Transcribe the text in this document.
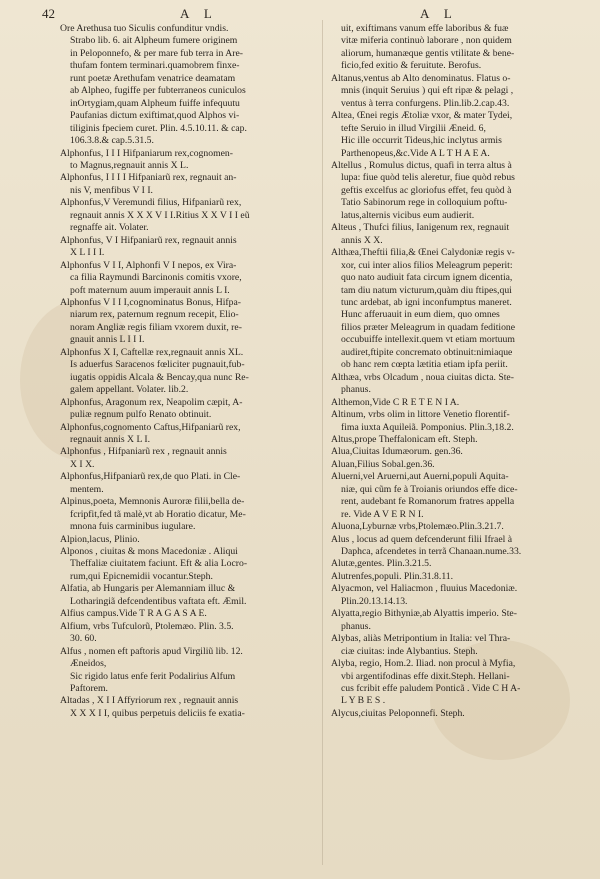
42	A L	A L
Ore Arethusa tuo Siculis confunditur vndis.
Strabo lib. 6. ait Alpheum fumere originem
in Peloponnefo, & per mare fub terra in Are-
thufam fontem terminari.quamobrem finxe-
runt poetæ Arethufam venatrice deamatam
ab Alpheo, fugiffe per fubterraneos cuniculos
inOrtygiam,quam Alpheum fuiffe infequutu
Paufanias dictum exiftimat,quod Alphos vi-
tiliginis fpeciem curet. Plin. 4.5.10.11. & cap.
106.3.8.& cap.5.31.5.
Alphonfus, I I I Hifpaniarum rex,cognomen-
to Magnus,regnauit annis X L.
Alphonfus, I I I I Hifpaniarũ rex, regnauit an-
nis V, menfibus V I I.
Alphonfus,V Veremundi filius, Hifpaniarũ rex,
regnauit annis X X X V I I.Ritius X X V I I eũ
regnaffe ait. Volater.
Alphonfus, V I Hifpaniarũ rex, regnauit annis
X L I I I.
Alphonfus V I I, Alphonfi V I nepos, ex Vira-
ca filia Raymundi Barcinonis comitis vxore,
poft maternum auum imperauit annis L I.
Alphonfus V I I I,cognominatus Bonus, Hifpa-
niarum rex, paternum regnum recepit, Elio-
noram Angliæ regis filiam vxorem duxit, re-
gnauit annis L I I I.
Alphonfus X I, Caftellæ rex,regnauit annis XL.
Is aduerfus Saracenos fœliciter pugnauit,fub-
iugatis oppidis Alcala & Bencay,qua nunc Re-
galem appellant. Volater. lib.2.
Alphonfus, Aragonum rex, Neapolim cæpit, A-
puliæ regnum pulfo Renato obtinuit.
Alphonfus,cognomento Caftus,Hifpaniarũ rex,
regnauit annis X L I.
Alphonfus , Hifpaniarũ rex , regnauit annis
X I X.
Alphonfus,Hifpaniarũ rex,de quo Plati. in Cle-
mentem.
Alpinus,poeta, Memnonis Auroræ filii,bella de-
fcripfit,fed tã malè,vt ab Horatio dicatur, Me-
mnona fuis carminibus iugulare.
Alpion,lacus, Plinio.
Alponos , ciuitas & mons Macedoniæ . Aliqui
Theffaliæ ciuitatem faciunt. Eft & alia Locro-
rum,qui Epicnemidii vocantur.Steph.
Alfatia, ab Hungaris per Alemanniam illuc &
Lotharingiã defcendentibus vaftata eft. Æmil.
Alfius campus.Vide T R A G A S A E.
Alfium, vrbs Tufculorũ, Ptolemæo. Plin. 3.5.
30. 60.
Alfus , nomen eft paftoris apud Virgiliũ lib. 12.
Æneidos,
Sic rigido latus enfe ferit Podalirius Alfum
Paftorem.
Altadas , X I I Affyriorum rex , regnauit annis
X X X I I, quibus perpetuis deliciis fe exatia-
uit, exiftimans vanum effe laboribus & fuæ
vitæ miferia continuò laborare , non quidem
aliorum, humanæque gentis vtilitate & bene-
ficio,fed exitio & feruitute. Berofus.
Altanus,ventus ab Alto denominatus. Flatus o-
mnis (inquit Seruius ) qui eft ripæ & pelagi ,
ventus à terra confurgens. Plin.lib.2.cap.43.
Altea, Œnei regis Ætoliæ vxor, & mater Tydei,
tefte Seruio in illud Virgilii Æneid. 6,
Hic ille occurrit Tideus,hic inclytus armis
Parthenopeus,&c.Vide A L T H A E A.
Altellus , Romulus dictus, quafi in terra altus à
lupa: fiue quòd telis aleretur, fiue quòd rebus
geftis excelfus ac gloriofus effet, feu quòd à
Tatio Sabinorum rege in colloquium poftu-
latus,alternis vicibus eum audierit.
Alteus , Thufci filius, Ianigenum rex, regnauit
annis X X.
Althæa,Theftii filia,& Œnei Calydoniæ regis v-
xor, cui inter alios filios Meleagrum peperit:
quo nato audiuit fata circum ignem dicentia,
tam diu natum victurum,quàm diu ftipes,qui
tunc ardebat, ab igni inconfumptus maneret.
Hunc afferuauit in eum diem, quo omnes
filios præter Meleagrum in quadam feditione
occubuiffe intellexit.quem vt etiam mortuum
audiret,ftipite concremato obtinuit:nimiaque
ob hanc rem cœpta lætitia etiam ipfa periit.
Althæa, vrbs Olcadum , noua ciuitas dicta. Ste-
phanus.
Althemon,Vide C R E T E N I A.
Altinum, vrbs olim in littore Venetio florentif-
fima iuxta Aquileiã. Pomponius. Plin.3,18.2.
Altus,prope Theffalonicam eft. Steph.
Alua,Ciuitas Idumæorum. gen.36.
Aluan,Filius Sobal.gen.36.
Aluerni,vel Aruerni,aut Auerni,populi Aquita-
niæ, qui cũm fe à Troianis oriundos effe dice-
rent, audebant fe Romanorum fratres appella
re. Vide A V E R N I.
Aluona,Lyburnæ vrbs,Ptolemæo.Plin.3.21.7.
Alus , locus ad quem defcenderunt filii Ifrael à
Daphca, afcendetes in terrã Chanaan.nume.33.
Alutæ,gentes. Plin.3.21.5.
Alutrenfes,populi. Plin.31.8.11.
Alyacmon, vel Haliacmon , fluuius Macedoniæ.
Plin.20.13.14.13.
Alyatta,regio Bithyniæ,ab Alyattis imperio. Ste-
phanus.
Alybas, aliàs Metripontium in Italia: vel Thra-
ciæ ciuitas: inde Alybantius. Steph.
Alyba, regio, Hom.2. Iliad. non procul à Myfia,
vbi argentifodinas effe dixit.Steph. Hellani-
cus fcribit effe paludem Ponticã . Vide C H A-
L Y B E S .
Alycus,ciuitas Peloponnefi. Steph.
